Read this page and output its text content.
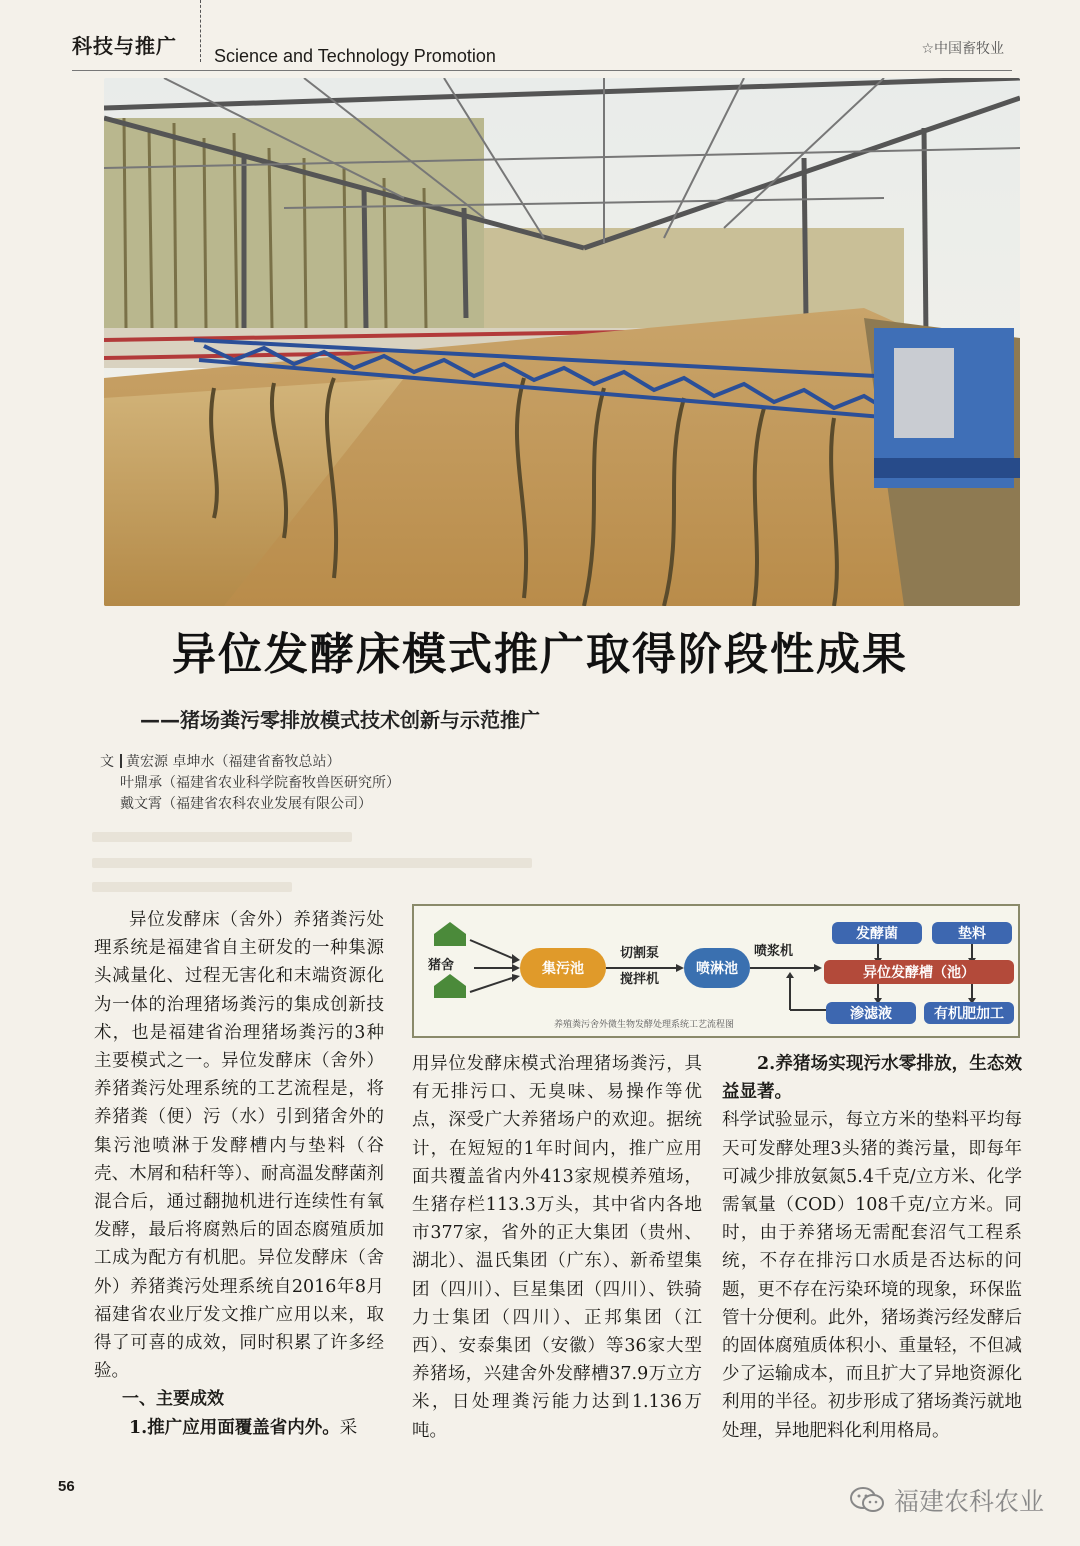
科技与推广 Science and Technology Promotion	☆中国畜牧业
异位发酵床模式推广取得阶段性成果
——猪场粪污零排放模式技术创新与示范推广
文 黄宏源 卓坤水（福建省畜牧总站）
叶鼎承（福建省农业科学院畜牧兽医研究所）
戴文霄（福建省农科农业发展有限公司）

异位发酵床（舍外）养猪粪污处理系统是福建省自主研发的一种集源头减量化、过程无害化和末端资源化为一体的治理猪场粪污的集成创新技术，也是福建省治理猪场粪污的3种主要模式之一。异位发酵床（舍外）养猪粪污处理系统的工艺流程是，将养猪粪（便）污（水）引到猪舍外的集污池喷淋于发酵槽内与垫料（谷壳、木屑和秸秆等）、耐高温发酵菌剂混合后，通过翻抛机进行连续性有氧发酵，最后将腐熟后的固态腐殖质加工成为配方有机肥。异位发酵床（舍外）养猪粪污处理系统自2016年8月福建省农业厅发文推广应用以来，取得了可喜的成效，同时积累了许多经验。

一、主要成效

1.推广应用面覆盖省内外。采

猪舍	集污池
切割泵
搅拌机
喷淋池
喷浆机
发酵菌	垫料
异位发酵槽（池）
渗滤液	有机肥加工
养殖粪污舍外微生物发酵处理系统工艺流程图

用异位发酵床模式治理猪场粪污，具有无排污口、无臭味、易操作等优点，深受广大养猪场户的欢迎。据统计，在短短的1年时间内，推广应用面共覆盖省内外413家规模养殖场，生猪存栏113.3万头，其中省内各地市377家，省外的正大集团（贵州、湖北）、温氏集团（广东）、新希望集团（四川）、巨星集团（四川）、铁骑力士集团（四川）、正邦集团（江西）、安泰集团（安徽）等36家大型养猪场，兴建舍外发酵槽37.9万立方米，日处理粪污能力达到1.136万吨。

2.养猪场实现污水零排放，生态效益显著。

科学试验显示，每立方米的垫料平均每天可发酵处理3头猪的粪污量，即每年可减少排放氨氮5.4千克/立方米、化学需氧量（COD）108千克/立方米。同时，由于养猪场无需配套沼气工程系统，不存在排污口水质是否达标的问题，更不存在污染环境的现象，环保监管十分便利。此外，猪场粪污经发酵后的固体腐殖质体积小、重量轻，不但减少了运输成本，而且扩大了异地资源化利用的半径。初步形成了猪场粪污就地处理，异地肥料化利用格局。

56
福建农科农业
